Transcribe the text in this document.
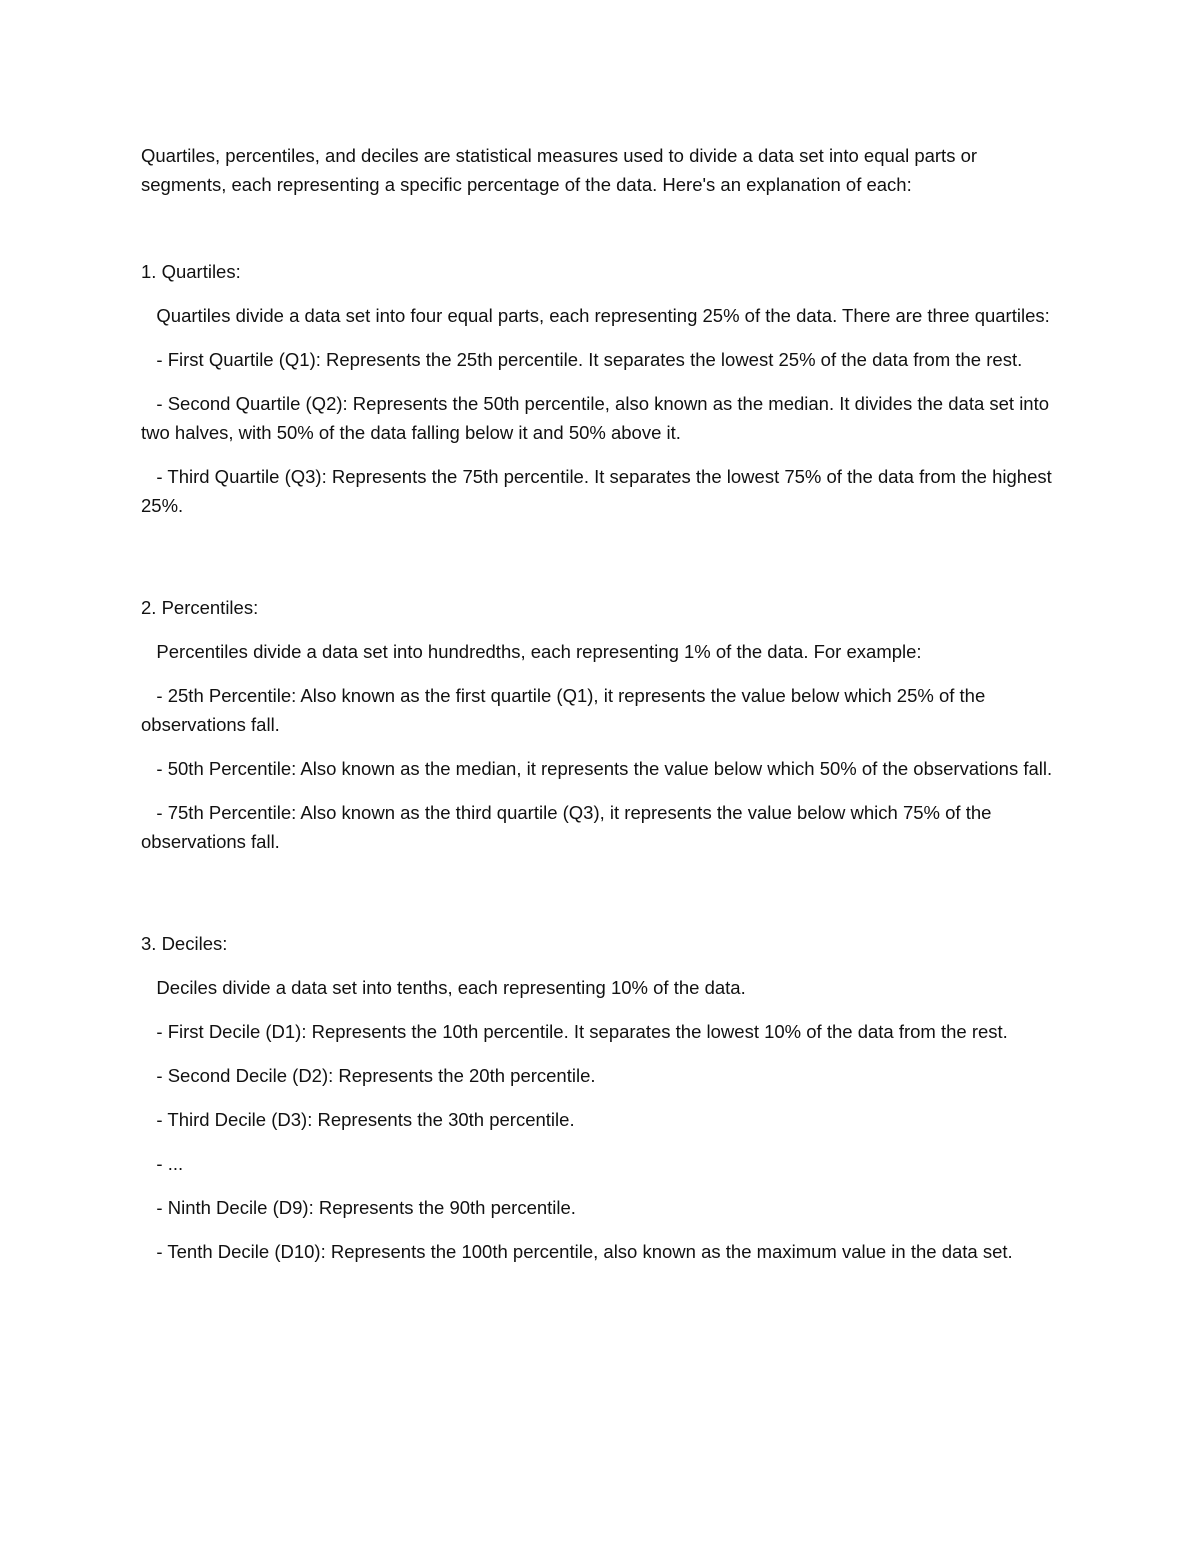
Quartiles, percentiles, and deciles are statistical measures used to divide a data set into equal parts or segments, each representing a specific percentage of the data. Here's an explanation of each:

1. Quartiles:

Quartiles divide a data set into four equal parts, each representing 25% of the data. There are three quartiles:

- First Quartile (Q1): Represents the 25th percentile. It separates the lowest 25% of the data from the rest.

- Second Quartile (Q2): Represents the 50th percentile, also known as the median. It divides the data set into two halves, with 50% of the data falling below it and 50% above it.

- Third Quartile (Q3): Represents the 75th percentile. It separates the lowest 75% of the data from the highest 25%.

2. Percentiles:

Percentiles divide a data set into hundredths, each representing 1% of the data. For example:

- 25th Percentile: Also known as the first quartile (Q1), it represents the value below which 25% of the observations fall.

- 50th Percentile: Also known as the median, it represents the value below which 50% of the observations fall.

- 75th Percentile: Also known as the third quartile (Q3), it represents the value below which 75% of the observations fall.

3. Deciles:

Deciles divide a data set into tenths, each representing 10% of the data.

- First Decile (D1): Represents the 10th percentile. It separates the lowest 10% of the data from the rest.

- Second Decile (D2): Represents the 20th percentile.

- Third Decile (D3): Represents the 30th percentile.

- ...

- Ninth Decile (D9): Represents the 90th percentile.

- Tenth Decile (D10): Represents the 100th percentile, also known as the maximum value in the data set.
